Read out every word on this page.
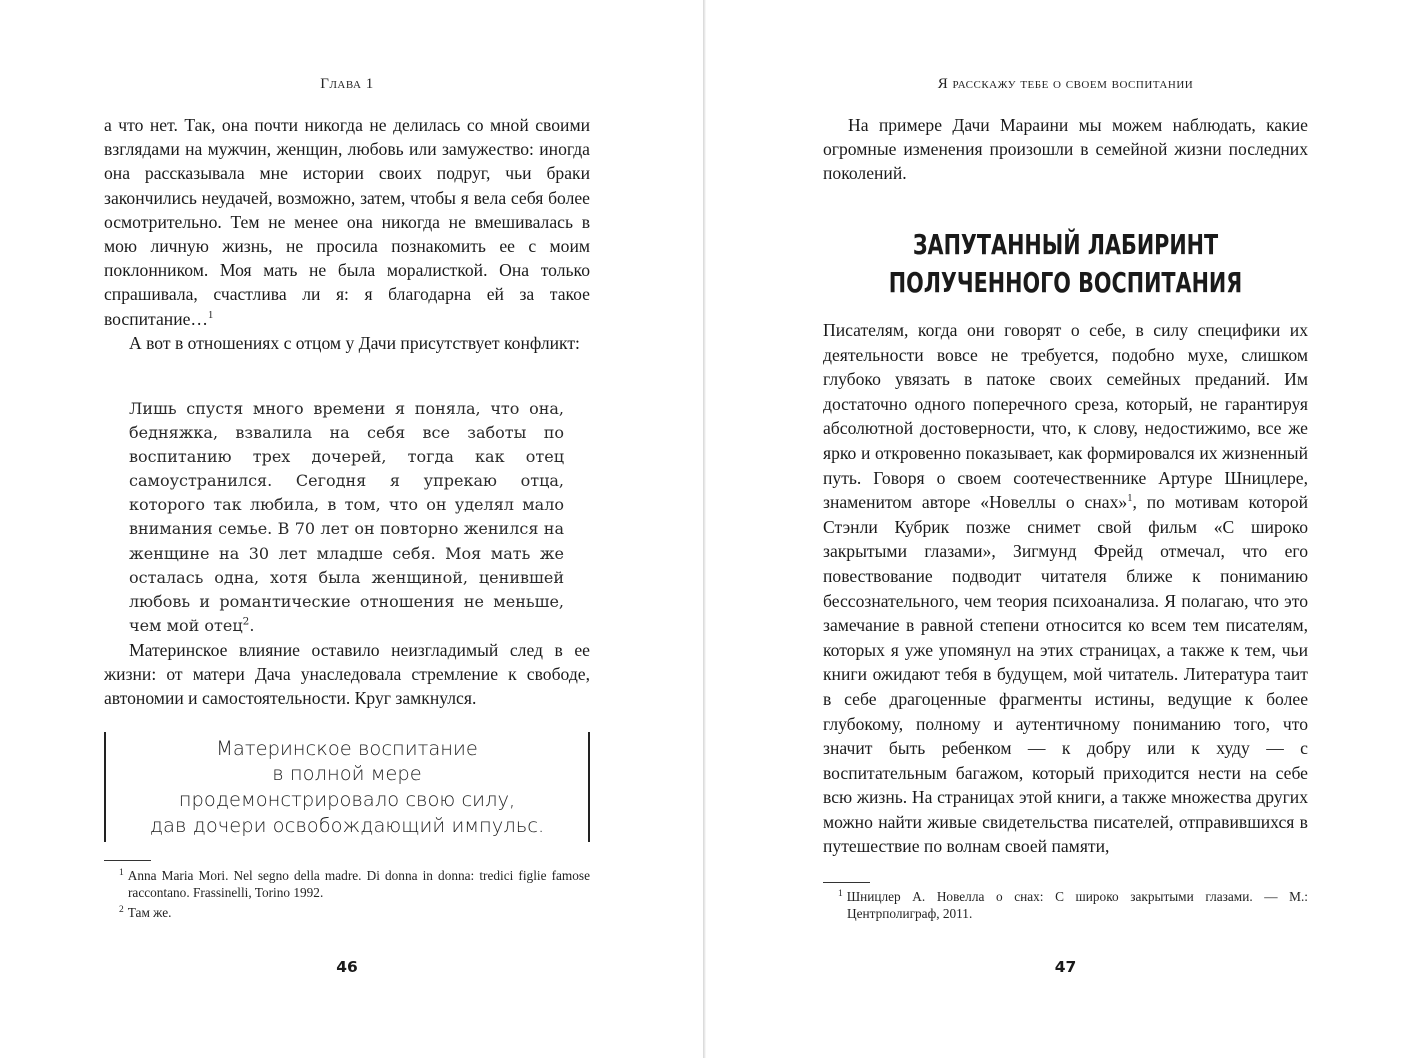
Глава 1

а что нет. Так, она почти никогда не делилась со мной своими взглядами на мужчин, женщин, любовь или замужество: иногда она рассказывала мне истории своих подруг, чьи браки закончились неудачей, возможно, затем, чтобы я вела себя более осмотрительно. Тем не менее она никогда не вмешивалась в мою личную жизнь, не просила познакомить ее с моим поклонником. Моя мать не была моралисткой. Она только спрашивала, счастлива ли я: я благодарна ей за такое воспитание…$^1$

А вот в отношениях с отцом у Дачи присутствует конфликт:

Лишь спустя много времени я поняла, что она, бедняжка, взвалила на себя все заботы по воспитанию трех дочерей, тогда как отец самоустранился. Сегодня я упрекаю отца, которого так любила, в том, что он уделял мало внимания семье. В 70 лет он повторно женился на женщине на 30 лет младше себя. Моя мать же осталась одна, хотя была женщиной, ценившей любовь и романтические отношения не меньше, чем мой отец$^2$.

Материнское влияние оставило неизгладимый след в ее жизни: от матери Дача унаследовала стремление к свободе, автономии и самостоятельности. Круг замкнулся.

Материнское воспитание
в полной мере
продемонстрировало свою силу,
дав дочери освобождающий импульс.

$^1$ Anna Maria Mori. Nel segno della madre. Di donna in donna: tredici figlie famose raccontano. Frassinelli, Torino 1992.

$^2$ Там же.

46
Я расскажу тебе о своем воспитании

На примере Дачи Мараини мы можем наблюдать, какие огромные изменения произошли в семейной жизни последних поколений.

ЗАПУТАННЫЙ ЛАБИРИНТ
ПОЛУЧЕННОГО ВОСПИТАНИЯ

Писателям, когда они говорят о себе, в силу специфики их деятельности вовсе не требуется, подобно мухе, слишком глубоко увязать в патоке своих семейных преданий. Им достаточно одного поперечного среза, который, не гарантируя абсолютной достоверности, что, к слову, недостижимо, все же ярко и откровенно показывает, как формировался их жизненный путь. Говоря о своем соотечественнике Артуре Шницлере, знаменитом авторе «Новеллы о снах»$^1$, по мотивам которой Стэнли Кубрик позже снимет свой фильм «С широко закрытыми глазами», Зигмунд Фрейд отмечал, что его повествование подводит читателя ближе к пониманию бессознательного, чем теория психоанализа. Я полагаю, что это замечание в равной степени относится ко всем тем писателям, которых я уже упомянул на этих страницах, а также к тем, чьи книги ожидают тебя в будущем, мой читатель. Литература таит в себе драгоценные фрагменты истины, ведущие к более глубокому, полному и аутентичному пониманию того, что значит быть ребенком — к добру или к худу — с воспитательным багажом, который приходится нести на себе всю жизнь. На страницах этой книги, а также множества других можно найти живые свидетельства писателей, отправившихся в путешествие по волнам своей памяти,

$^1$ Шницлер А. Новелла о снах: С широко закрытыми глазами. — М.: Центрполиграф, 2011.

47
